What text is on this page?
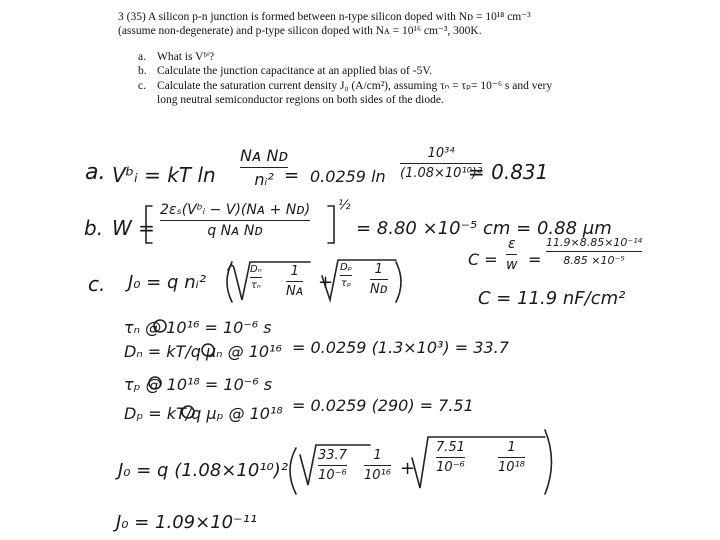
3 (35) A silicon p-n junction is formed between n-type silicon doped with Nᴅ = 10¹⁸ cm⁻³
(assume non-degenerate) and p-type silicon doped with Nᴀ = 10¹⁶ cm⁻³, 300K.
a. What is Vᵇⁱ?
b. Calculate the junction capacitance at an applied bias of -5V.
c. Calculate the saturation current density J₀ (A/cm²), assuming τₙ = τₚ= 10⁻⁶ s and very
long neutral semiconductor regions on both sides of the diode.
a. Vᵇᵢ = kT ln
Nᴀ Nᴅ
nᵢ² = 0.0259 ln
10³⁴
(1.08×10¹⁰)²
= 0.831
b. W =
2εₛ(Vᵇᵢ − V)(Nᴀ + Nᴅ)
q Nᴀ Nᴅ
½
= 8.80 ×10⁻⁵ cm = 0.88 μm
C =
ε
w =
11.9×8.85×10⁻¹⁴
8.85 ×10⁻⁵
C = 11.9 nF/cm²
c. J₀ = q nᵢ²
Dₙ
τₙ
1
Nᴀ +
Dₚ
τₚ
1
Nᴅ
τₙ @ 10¹⁶ = 10⁻⁶ s
Dₙ = kT/q μₙ @ 10¹⁶ = 0.0259 (1.3×10³) = 33.7
τₚ @ 10¹⁸ = 10⁻⁶ s
Dₚ = kT/q μₚ @ 10¹⁸ = 0.0259 (290) = 7.51
J₀ = q (1.08×10¹⁰)²
33.7
10⁻⁶
1
10¹⁶ +
7.51
10⁻⁶
1
10¹⁸
J₀ = 1.09×10⁻¹¹
